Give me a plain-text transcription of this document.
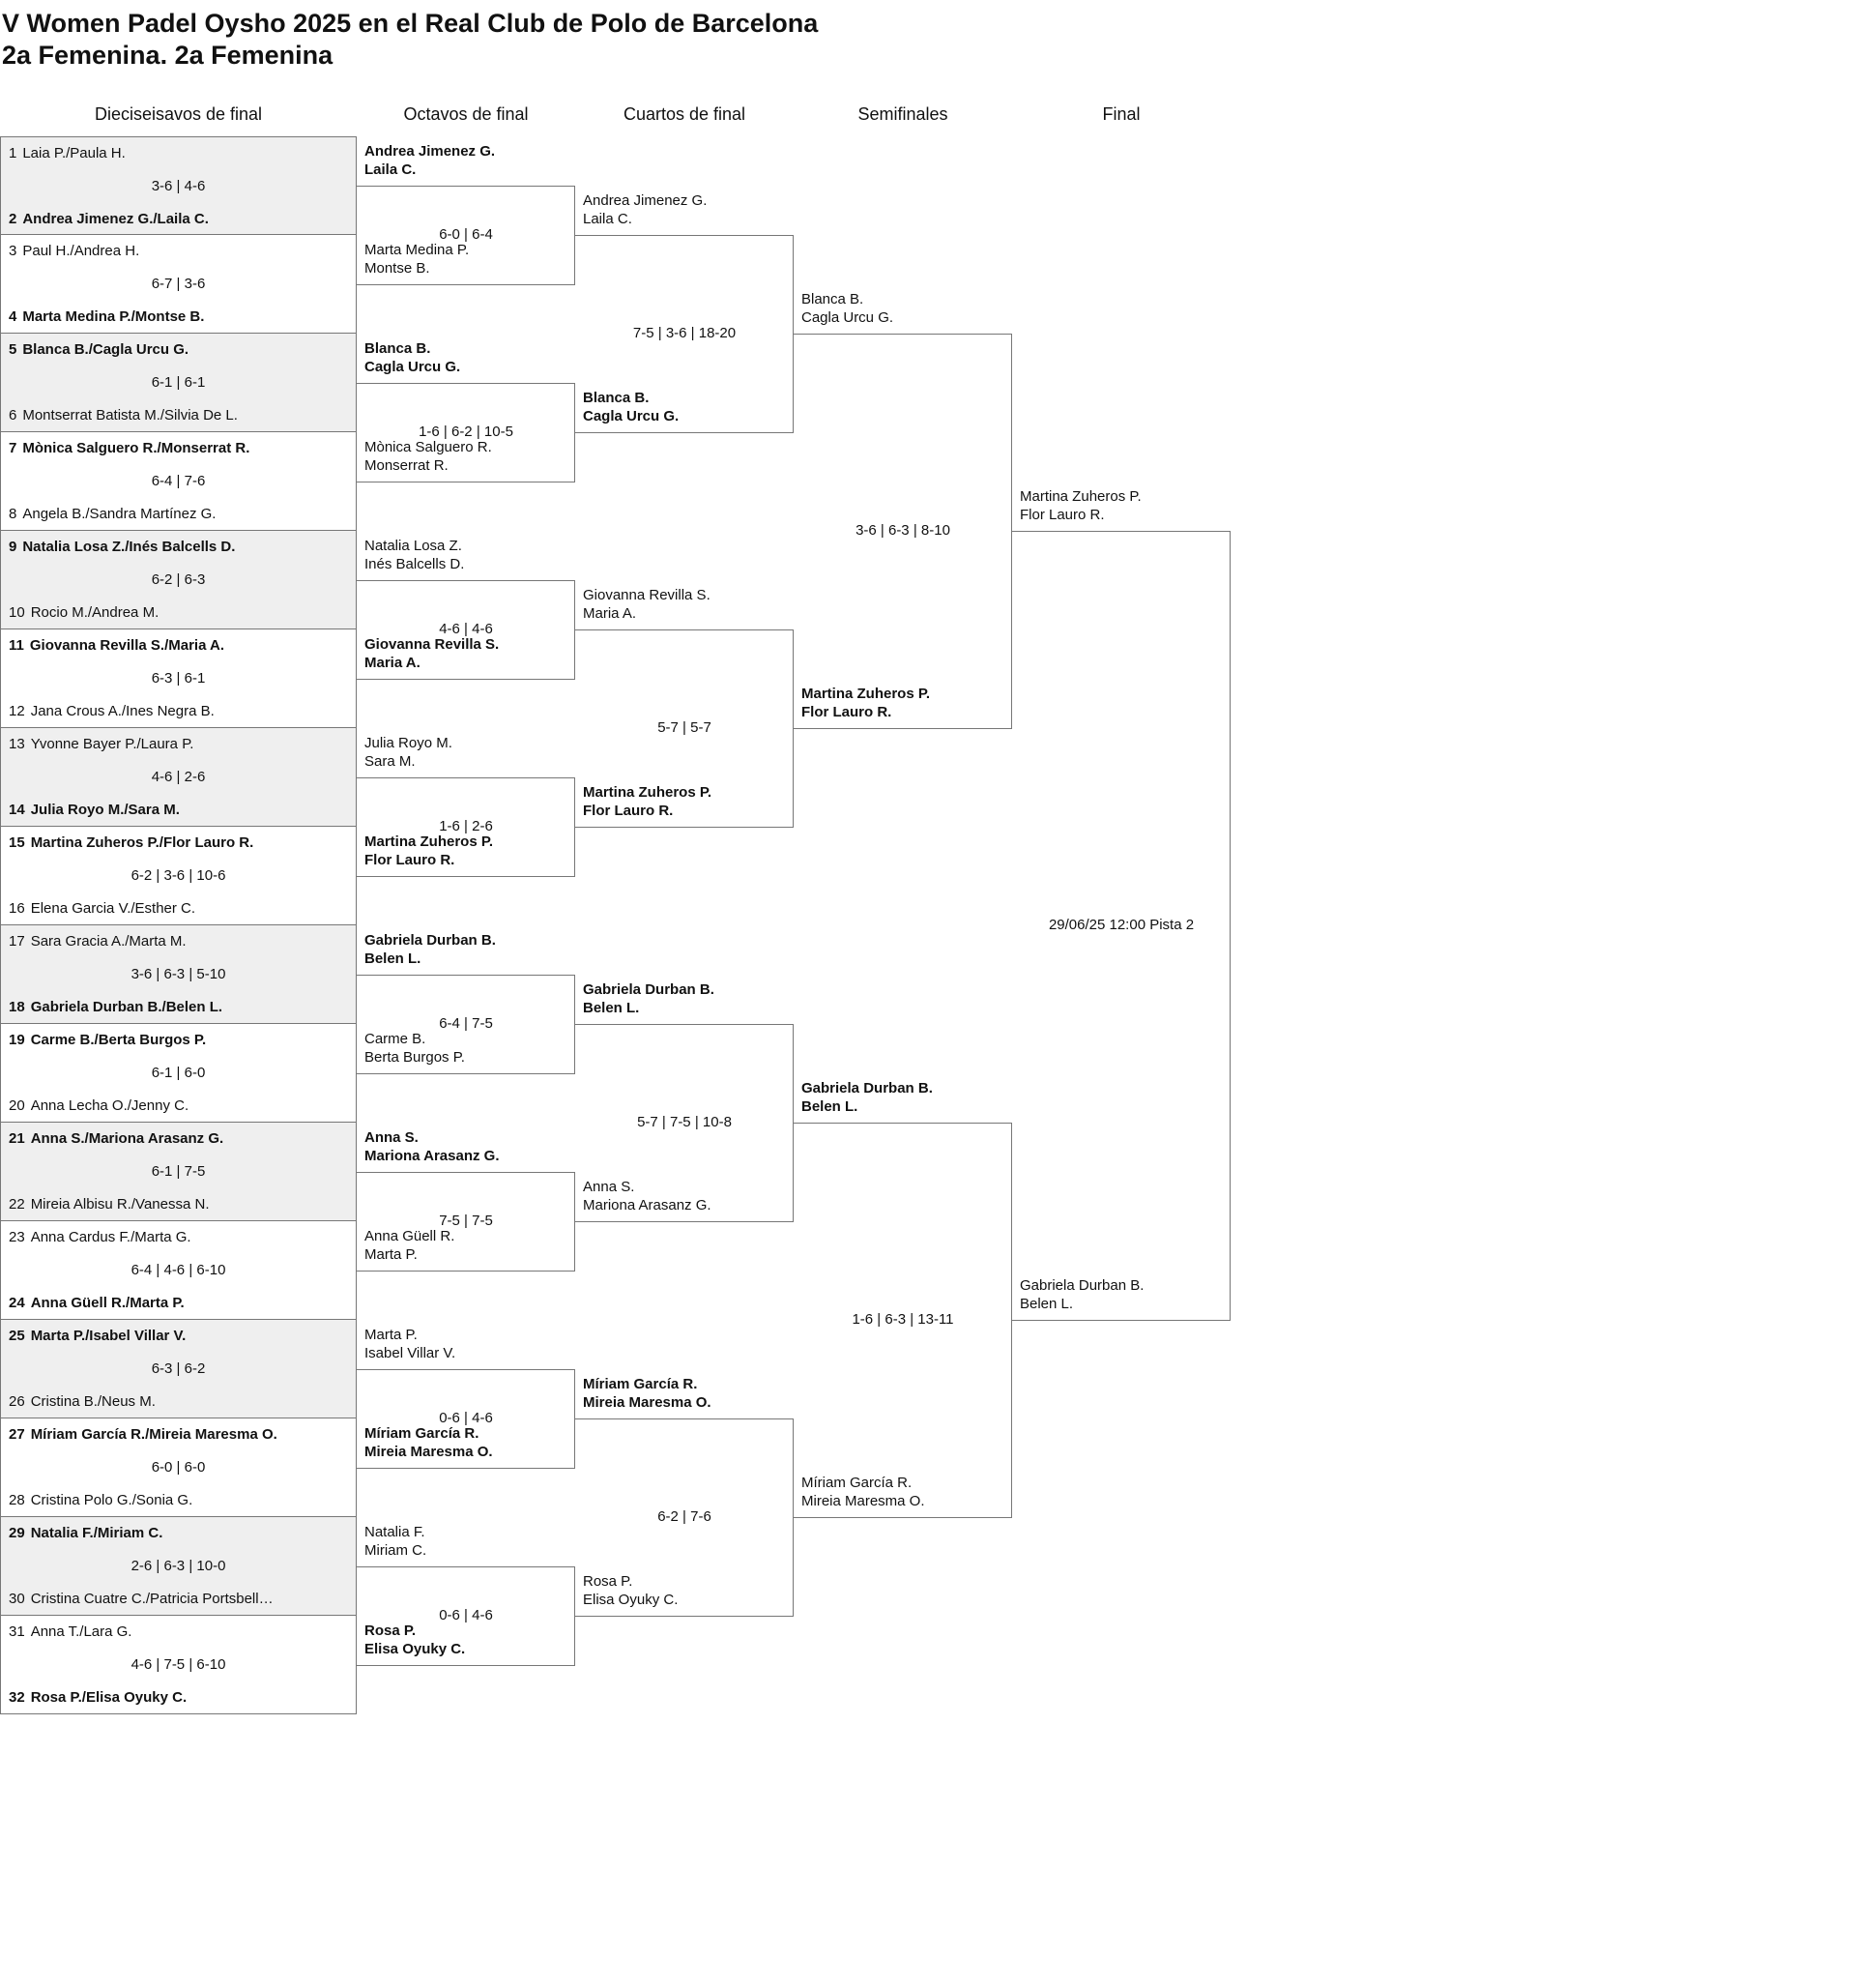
V Women Padel Oysho 2025 en el Real Club de Polo de Barcelona
2a Femenina. 2a Femenina
Dieciseisavos de final	Octavos de final	Cuartos de final	Semifinales	Final
1 Laia P./Paula H.
2 Andrea Jimenez G./Laila C.
3-6 | 4-6
3 Paul H./Andrea H.
4 Marta Medina P./Montse B.
6-7 | 3-6
5 Blanca B./Cagla Urcu G.
6 Montserrat Batista M./Silvia De L.
6-1 | 6-1
7 Mònica Salguero R./Monserrat R.
8 Angela B./Sandra Martínez G.
6-4 | 7-6
9 Natalia Losa Z./Inés Balcells D.
10 Rocio M./Andrea M.
6-2 | 6-3
11 Giovanna Revilla S./Maria A.
12 Jana Crous A./Ines Negra B.
6-3 | 6-1
13 Yvonne Bayer P./Laura P.
14 Julia Royo M./Sara M.
4-6 | 2-6
15 Martina Zuheros P./Flor Lauro R.
16 Elena Garcia V./Esther C.
6-2 | 3-6 | 10-6
17 Sara Gracia A./Marta M.
18 Gabriela Durban B./Belen L.
3-6 | 6-3 | 5-10
19 Carme B./Berta Burgos P.
20 Anna Lecha O./Jenny C.
6-1 | 6-0
21 Anna S./Mariona Arasanz G.
22 Mireia Albisu R./Vanessa N.
6-1 | 7-5
23 Anna Cardus F./Marta G.
24 Anna Güell R./Marta P.
6-4 | 4-6 | 6-10
25 Marta P./Isabel Villar V.
26 Cristina B./Neus M.
6-3 | 6-2
27 Míriam García R./Mireia Maresma O.
28 Cristina Polo G./Sonia G.
6-0 | 6-0
29 Natalia F./Miriam C.
30 Cristina Cuatre C./Patricia Portsbell…
2-6 | 6-3 | 10-0
31 Anna T./Lara G.
32 Rosa P./Elisa Oyuky C.
4-6 | 7-5 | 6-10
Andrea Jimenez G.
Laila C.
Marta Medina P.
Montse B.
6-0 | 6-4
Blanca B.
Cagla Urcu G.
Mònica Salguero R.
Monserrat R.
1-6 | 6-2 | 10-5
Natalia Losa Z.
Inés Balcells D.
Giovanna Revilla S.
Maria A.
4-6 | 4-6
Julia Royo M.
Sara M.
Martina Zuheros P.
Flor Lauro R.
1-6 | 2-6
Gabriela Durban B.
Belen L.
Carme B.
Berta Burgos P.
6-4 | 7-5
Anna S.
Mariona Arasanz G.
Anna Güell R.
Marta P.
7-5 | 7-5
Marta P.
Isabel Villar V.
Míriam García R.
Mireia Maresma O.
0-6 | 4-6
Natalia F.
Miriam C.
Rosa P.
Elisa Oyuky C.
0-6 | 4-6
Andrea Jimenez G.
Laila C.
Blanca B.
Cagla Urcu G.
7-5 | 3-6 | 18-20
Giovanna Revilla S.
Maria A.
Martina Zuheros P.
Flor Lauro R.
5-7 | 5-7
Gabriela Durban B.
Belen L.
Anna S.
Mariona Arasanz G.
5-7 | 7-5 | 10-8
Míriam García R.
Mireia Maresma O.
Rosa P.
Elisa Oyuky C.
6-2 | 7-6
Blanca B.
Cagla Urcu G.
Martina Zuheros P.
Flor Lauro R.
3-6 | 6-3 | 8-10
Gabriela Durban B.
Belen L.
Míriam García R.
Mireia Maresma O.
1-6 | 6-3 | 13-11
Martina Zuheros P.
Flor Lauro R.
Gabriela Durban B.
Belen L.
29/06/25 12:00 Pista 2
